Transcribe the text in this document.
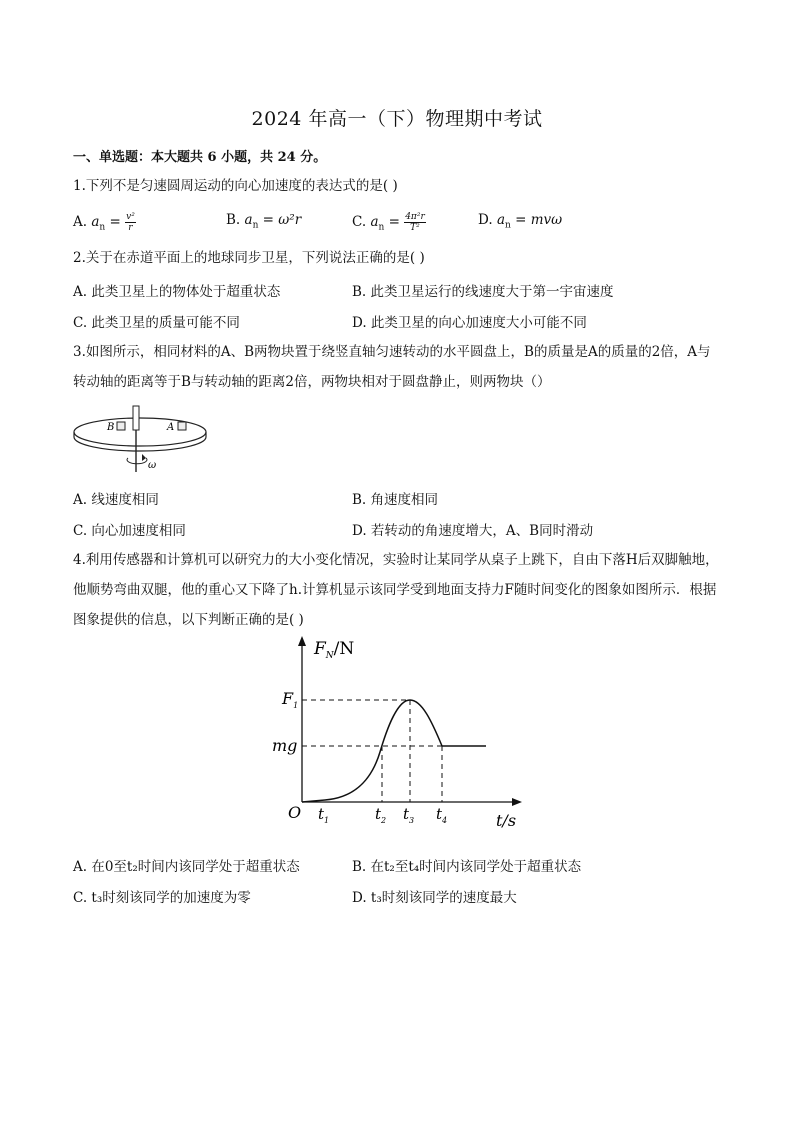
2024 年高一（下）物理期中考试
一、单选题：本大题共 6 小题，共 24 分。
1.下列不是匀速圆周运动的向心加速度的表达式的是( )
A. $a_n = \frac{\text{v²}}{r}$	B. $a_n = \omega^2r$	C. $a_n = \frac{\text{4π²r}}{\text{T²}}$	D. $a_n = mv\omega$
2.关于在赤道平面上的地球同步卫星，下列说法正确的是( )
A. 此类卫星上的物体处于超重状态	B. 此类卫星运行的线速度大于第一宇宙速度
C. 此类卫星的质量可能不同	D. 此类卫星的向心加速度大小可能不同
3.如图所示，相同材料的A、B两物块置于绕竖直轴匀速转动的水平圆盘上，B的质量是A的质量的2倍，A与转动轴的距离等于B与转动轴的距离2倍，两物块相对于圆盘静止，则两物块（）
B	A
ω
A. 线速度相同	B. 角速度相同
C. 向心加速度相同	D. 若转动的角速度增大，A、B同时滑动
4.利用传感器和计算机可以研究力的大小变化情况，实验时让某同学从桌子上跳下，自由下落H后双脚触地，他顺势弯曲双腿，他的重心又下降了h.计算机显示该同学受到地面支持力F随时间变化的图象如图所示．根据图象提供的信息，以下判断正确的是( )
$F_N/N$
$F_1$
mg
O $t_1$	$t_2$ $t_3$ $t_4$	t/s
A. 在0至t₂时间内该同学处于超重状态	B. 在t₂至t₄时间内该同学处于超重状态
C. t₃时刻该同学的加速度为零	D. t₃时刻该同学的速度最大
